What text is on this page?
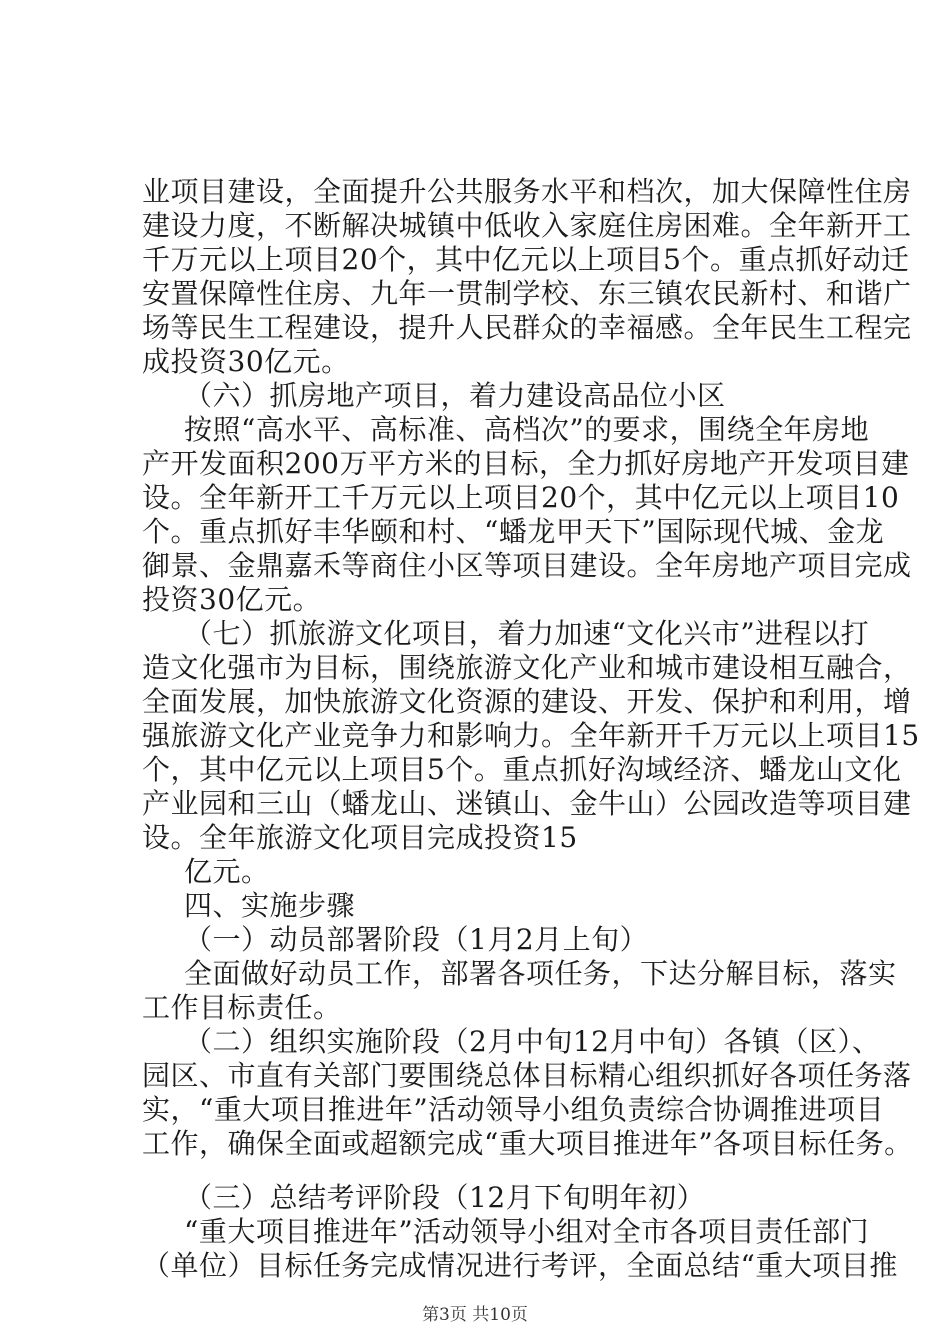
业项目建设，全面提升公共服务水平和档次，加大保障性住房
建设力度，不断解决城镇中低收入家庭住房困难。全年新开工
千万元以上项目20个，其中亿元以上项目5个。重点抓好动迁
安置保障性住房、九年一贯制学校、东三镇农民新村、和谐广
场等民生工程建设，提升人民群众的幸福感。全年民生工程完
成投资30亿元。
（六）抓房地产项目，着力建设高品位小区
按照“高水平、高标准、高档次”的要求，围绕全年房地
产开发面积200万平方米的目标，全力抓好房地产开发项目建
设。全年新开工千万元以上项目20个，其中亿元以上项目10
个。重点抓好丰华颐和村、“蟠龙甲天下”国际现代城、金龙
御景、金鼎嘉禾等商住小区等项目建设。全年房地产项目完成
投资30亿元。
（七）抓旅游文化项目，着力加速“文化兴市”进程以打
造文化强市为目标，围绕旅游文化产业和城市建设相互融合，
全面发展，加快旅游文化资源的建设、开发、保护和利用，增
强旅游文化产业竞争力和影响力。全年新开千万元以上项目15
个，其中亿元以上项目5个。重点抓好沟域经济、蟠龙山文化
产业园和三山（蟠龙山、迷镇山、金牛山）公园改造等项目建
设。全年旅游文化项目完成投资15
亿元。
四、实施步骤
（一）动员部署阶段（1月2月上旬）
全面做好动员工作，部署各项任务，下达分解目标，落实
工作目标责任。
（二）组织实施阶段（2月中旬12月中旬）各镇（区）、
园区、市直有关部门要围绕总体目标精心组织抓好各项任务落
实，“重大项目推进年”活动领导小组负责综合协调推进项目
工作，确保全面或超额完成“重大项目推进年”各项目标任务。
（三）总结考评阶段（12月下旬明年初）
“重大项目推进年”活动领导小组对全市各项目责任部门
（单位）目标任务完成情况进行考评，全面总结“重大项目推
第3页 共10页
